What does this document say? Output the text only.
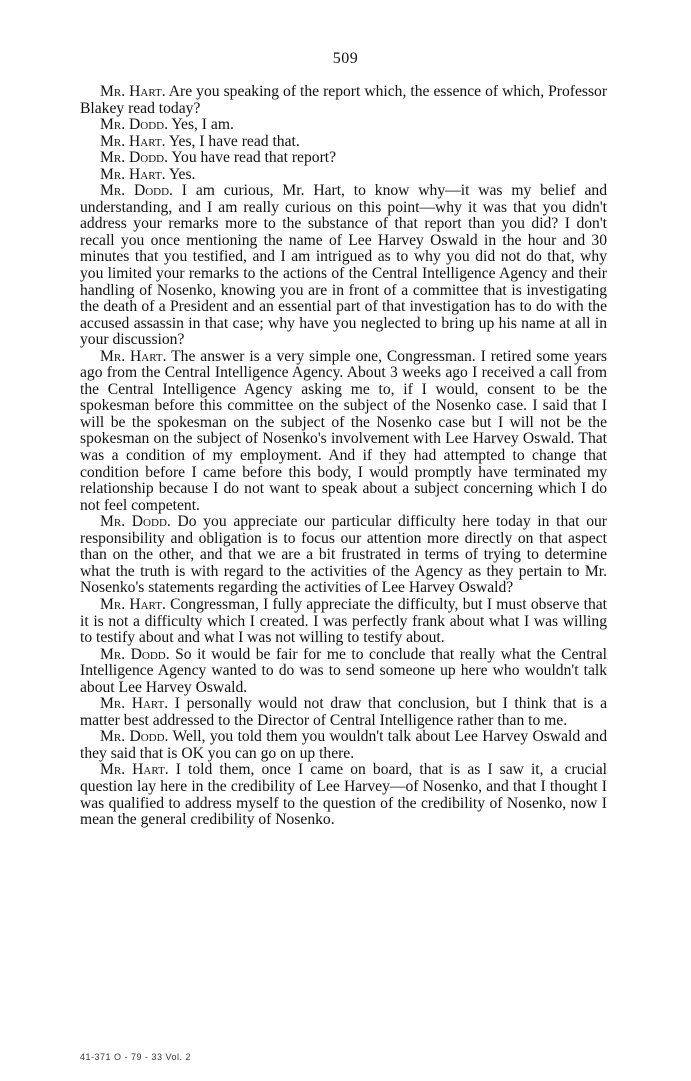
509

Mr. Hart. Are you speaking of the report which, the essence of which, Professor Blakey read today?

Mr. Dodd. Yes, I am.

Mr. Hart. Yes, I have read that.

Mr. Dodd. You have read that report?

Mr. Hart. Yes.

Mr. Dodd. I am curious, Mr. Hart, to know why—it was my belief and understanding, and I am really curious on this point—why it was that you didn't address your remarks more to the substance of that report than you did? I don't recall you once mentioning the name of Lee Harvey Oswald in the hour and 30 minutes that you testified, and I am intrigued as to why you did not do that, why you limited your remarks to the actions of the Central Intelligence Agency and their handling of Nosenko, knowing you are in front of a committee that is investigating the death of a President and an essential part of that investigation has to do with the accused assassin in that case; why have you neglected to bring up his name at all in your discussion?

Mr. Hart. The answer is a very simple one, Congressman. I retired some years ago from the Central Intelligence Agency. About 3 weeks ago I received a call from the Central Intelligence Agency asking me to, if I would, consent to be the spokesman before this committee on the subject of the Nosenko case. I said that I will be the spokesman on the subject of the Nosenko case but I will not be the spokesman on the subject of Nosenko's involvement with Lee Harvey Oswald. That was a condition of my employment. And if they had attempted to change that condition before I came before this body, I would promptly have terminated my relationship because I do not want to speak about a subject concerning which I do not feel competent.

Mr. Dodd. Do you appreciate our particular difficulty here today in that our responsibility and obligation is to focus our attention more directly on that aspect than on the other, and that we are a bit frustrated in terms of trying to determine what the truth is with regard to the activities of the Agency as they pertain to Mr. Nosenko's statements regarding the activities of Lee Harvey Oswald?

Mr. Hart. Congressman, I fully appreciate the difficulty, but I must observe that it is not a difficulty which I created. I was perfectly frank about what I was willing to testify about and what I was not willing to testify about.

Mr. Dodd. So it would be fair for me to conclude that really what the Central Intelligence Agency wanted to do was to send someone up here who wouldn't talk about Lee Harvey Oswald.

Mr. Hart. I personally would not draw that conclusion, but I think that is a matter best addressed to the Director of Central Intelligence rather than to me.

Mr. Dodd. Well, you told them you wouldn't talk about Lee Harvey Oswald and they said that is OK you can go on up there.

Mr. Hart. I told them, once I came on board, that is as I saw it, a crucial question lay here in the credibility of Lee Harvey—of Nosenko, and that I thought I was qualified to address myself to the question of the credibility of Nosenko, now I mean the general credibility of Nosenko.

41-371 O - 79 - 33 Vol. 2
